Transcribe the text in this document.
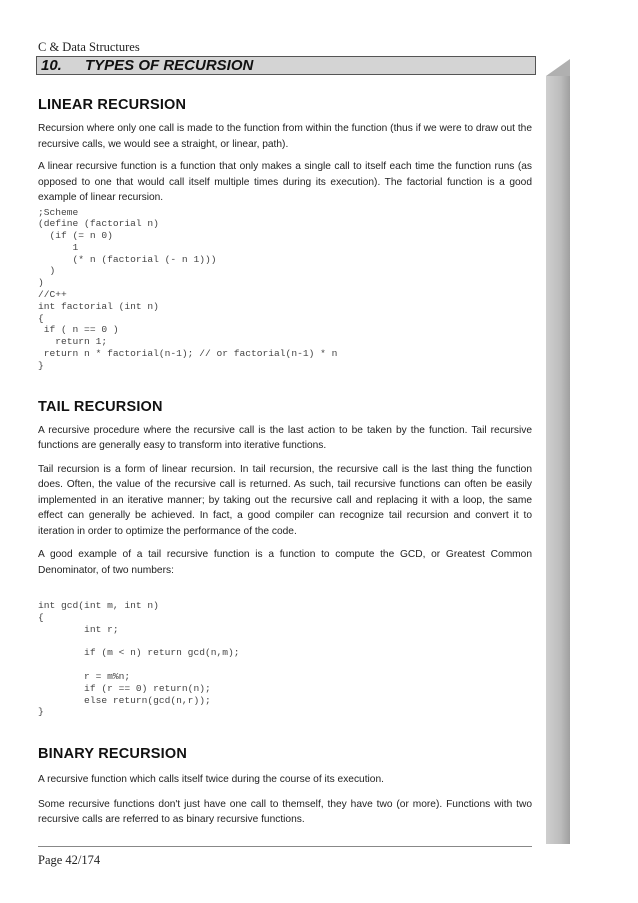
C & Data Structures
10. TYPES OF RECURSION
LINEAR RECURSION

Recursion where only one call is made to the function from within the function (thus if we were to draw out the recursive calls, we would see a straight, or linear, path).

A linear recursive function is a function that only makes a single call to itself each time the function runs (as opposed to one that would call itself multiple times during its execution). The factorial function is a good example of linear recursion.

;Scheme
(define (factorial n)
(if (= n 0)
1
(* n (factorial (- n 1)))
)
)
//C++
int factorial (int n)
{
if ( n == 0 )
return 1;
return n * factorial(n-1); // or factorial(n-1) * n
}
TAIL RECURSION

A recursive procedure where the recursive call is the last action to be taken by the function. Tail recursive functions are generally easy to transform into iterative functions.

Tail recursion is a form of linear recursion. In tail recursion, the recursive call is the last thing the function does. Often, the value of the recursive call is returned. As such, tail recursive functions can often be easily implemented in an iterative manner; by taking out the recursive call and replacing it with a loop, the same effect can generally be achieved. In fact, a good compiler can recognize tail recursion and convert it to iteration in order to optimize the performance of the code.

A good example of a tail recursive function is a function to compute the GCD, or Greatest Common Denominator, of two numbers:

int gcd(int m, int n)
{
int r;

if (m < n) return gcd(n,m);

r = m%n;
if (r == 0) return(n);
else return(gcd(n,r));
}
BINARY RECURSION

A recursive function which calls itself twice during the course of its execution.

Some recursive functions don't just have one call to themself, they have two (or more). Functions with two recursive calls are referred to as binary recursive functions.

Page 42/174
